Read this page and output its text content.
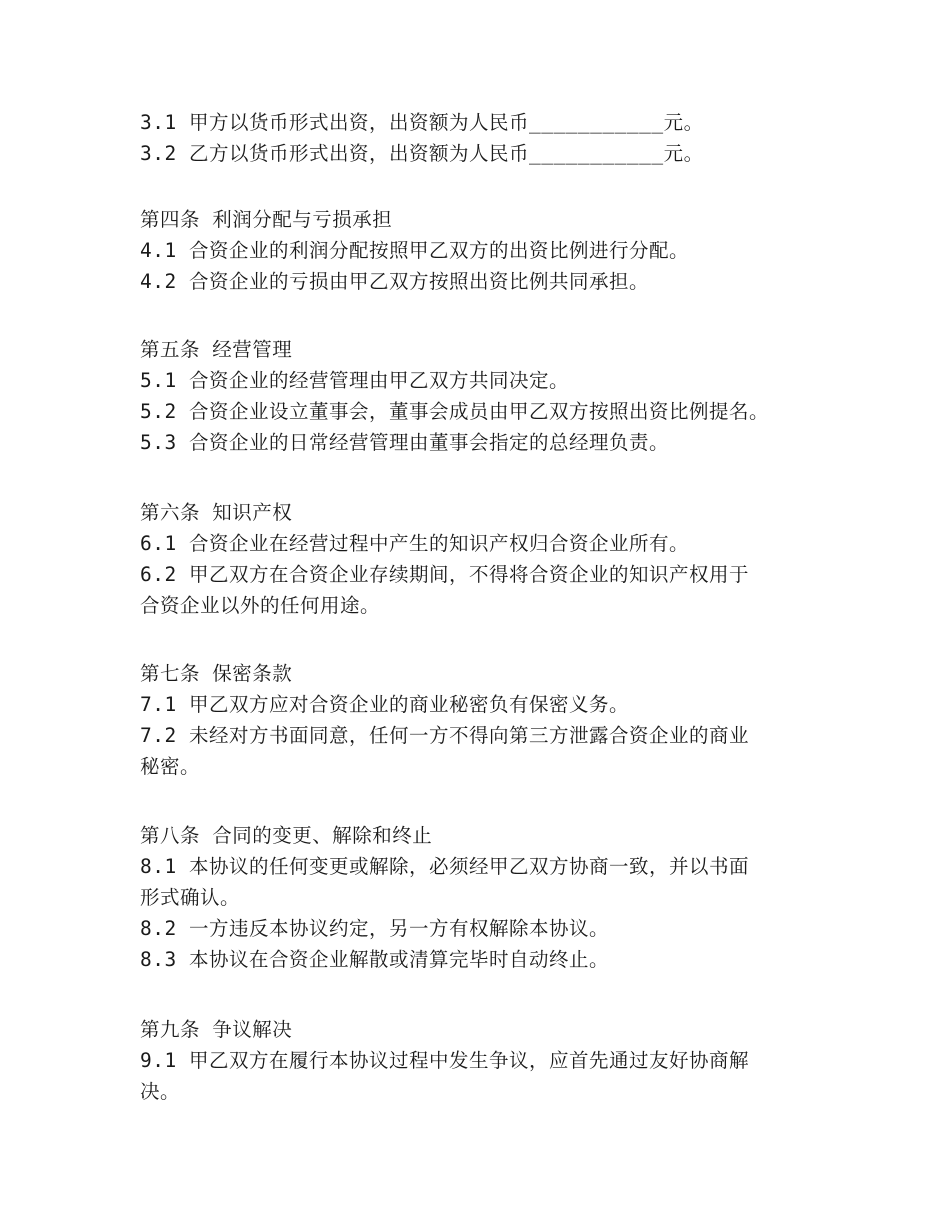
3.1 甲方以货币形式出资，出资额为人民币___________元。
3.2 乙方以货币形式出资，出资额为人民币___________元。
第四条 利润分配与亏损承担
4.1 合资企业的利润分配按照甲乙双方的出资比例进行分配。
4.2 合资企业的亏损由甲乙双方按照出资比例共同承担。
第五条 经营管理
5.1 合资企业的经营管理由甲乙双方共同决定。
5.2 合资企业设立董事会，董事会成员由甲乙双方按照出资比例提名。
5.3 合资企业的日常经营管理由董事会指定的总经理负责。
第六条 知识产权
6.1 合资企业在经营过程中产生的知识产权归合资企业所有。
6.2 甲乙双方在合资企业存续期间，不得将合资企业的知识产权用于
合资企业以外的任何用途。
第七条 保密条款
7.1 甲乙双方应对合资企业的商业秘密负有保密义务。
7.2 未经对方书面同意，任何一方不得向第三方泄露合资企业的商业
秘密。
第八条 合同的变更、解除和终止
8.1 本协议的任何变更或解除，必须经甲乙双方协商一致，并以书面
形式确认。
8.2 一方违反本协议约定，另一方有权解除本协议。
8.3 本协议在合资企业解散或清算完毕时自动终止。
第九条 争议解决
9.1 甲乙双方在履行本协议过程中发生争议，应首先通过友好协商解
决。
